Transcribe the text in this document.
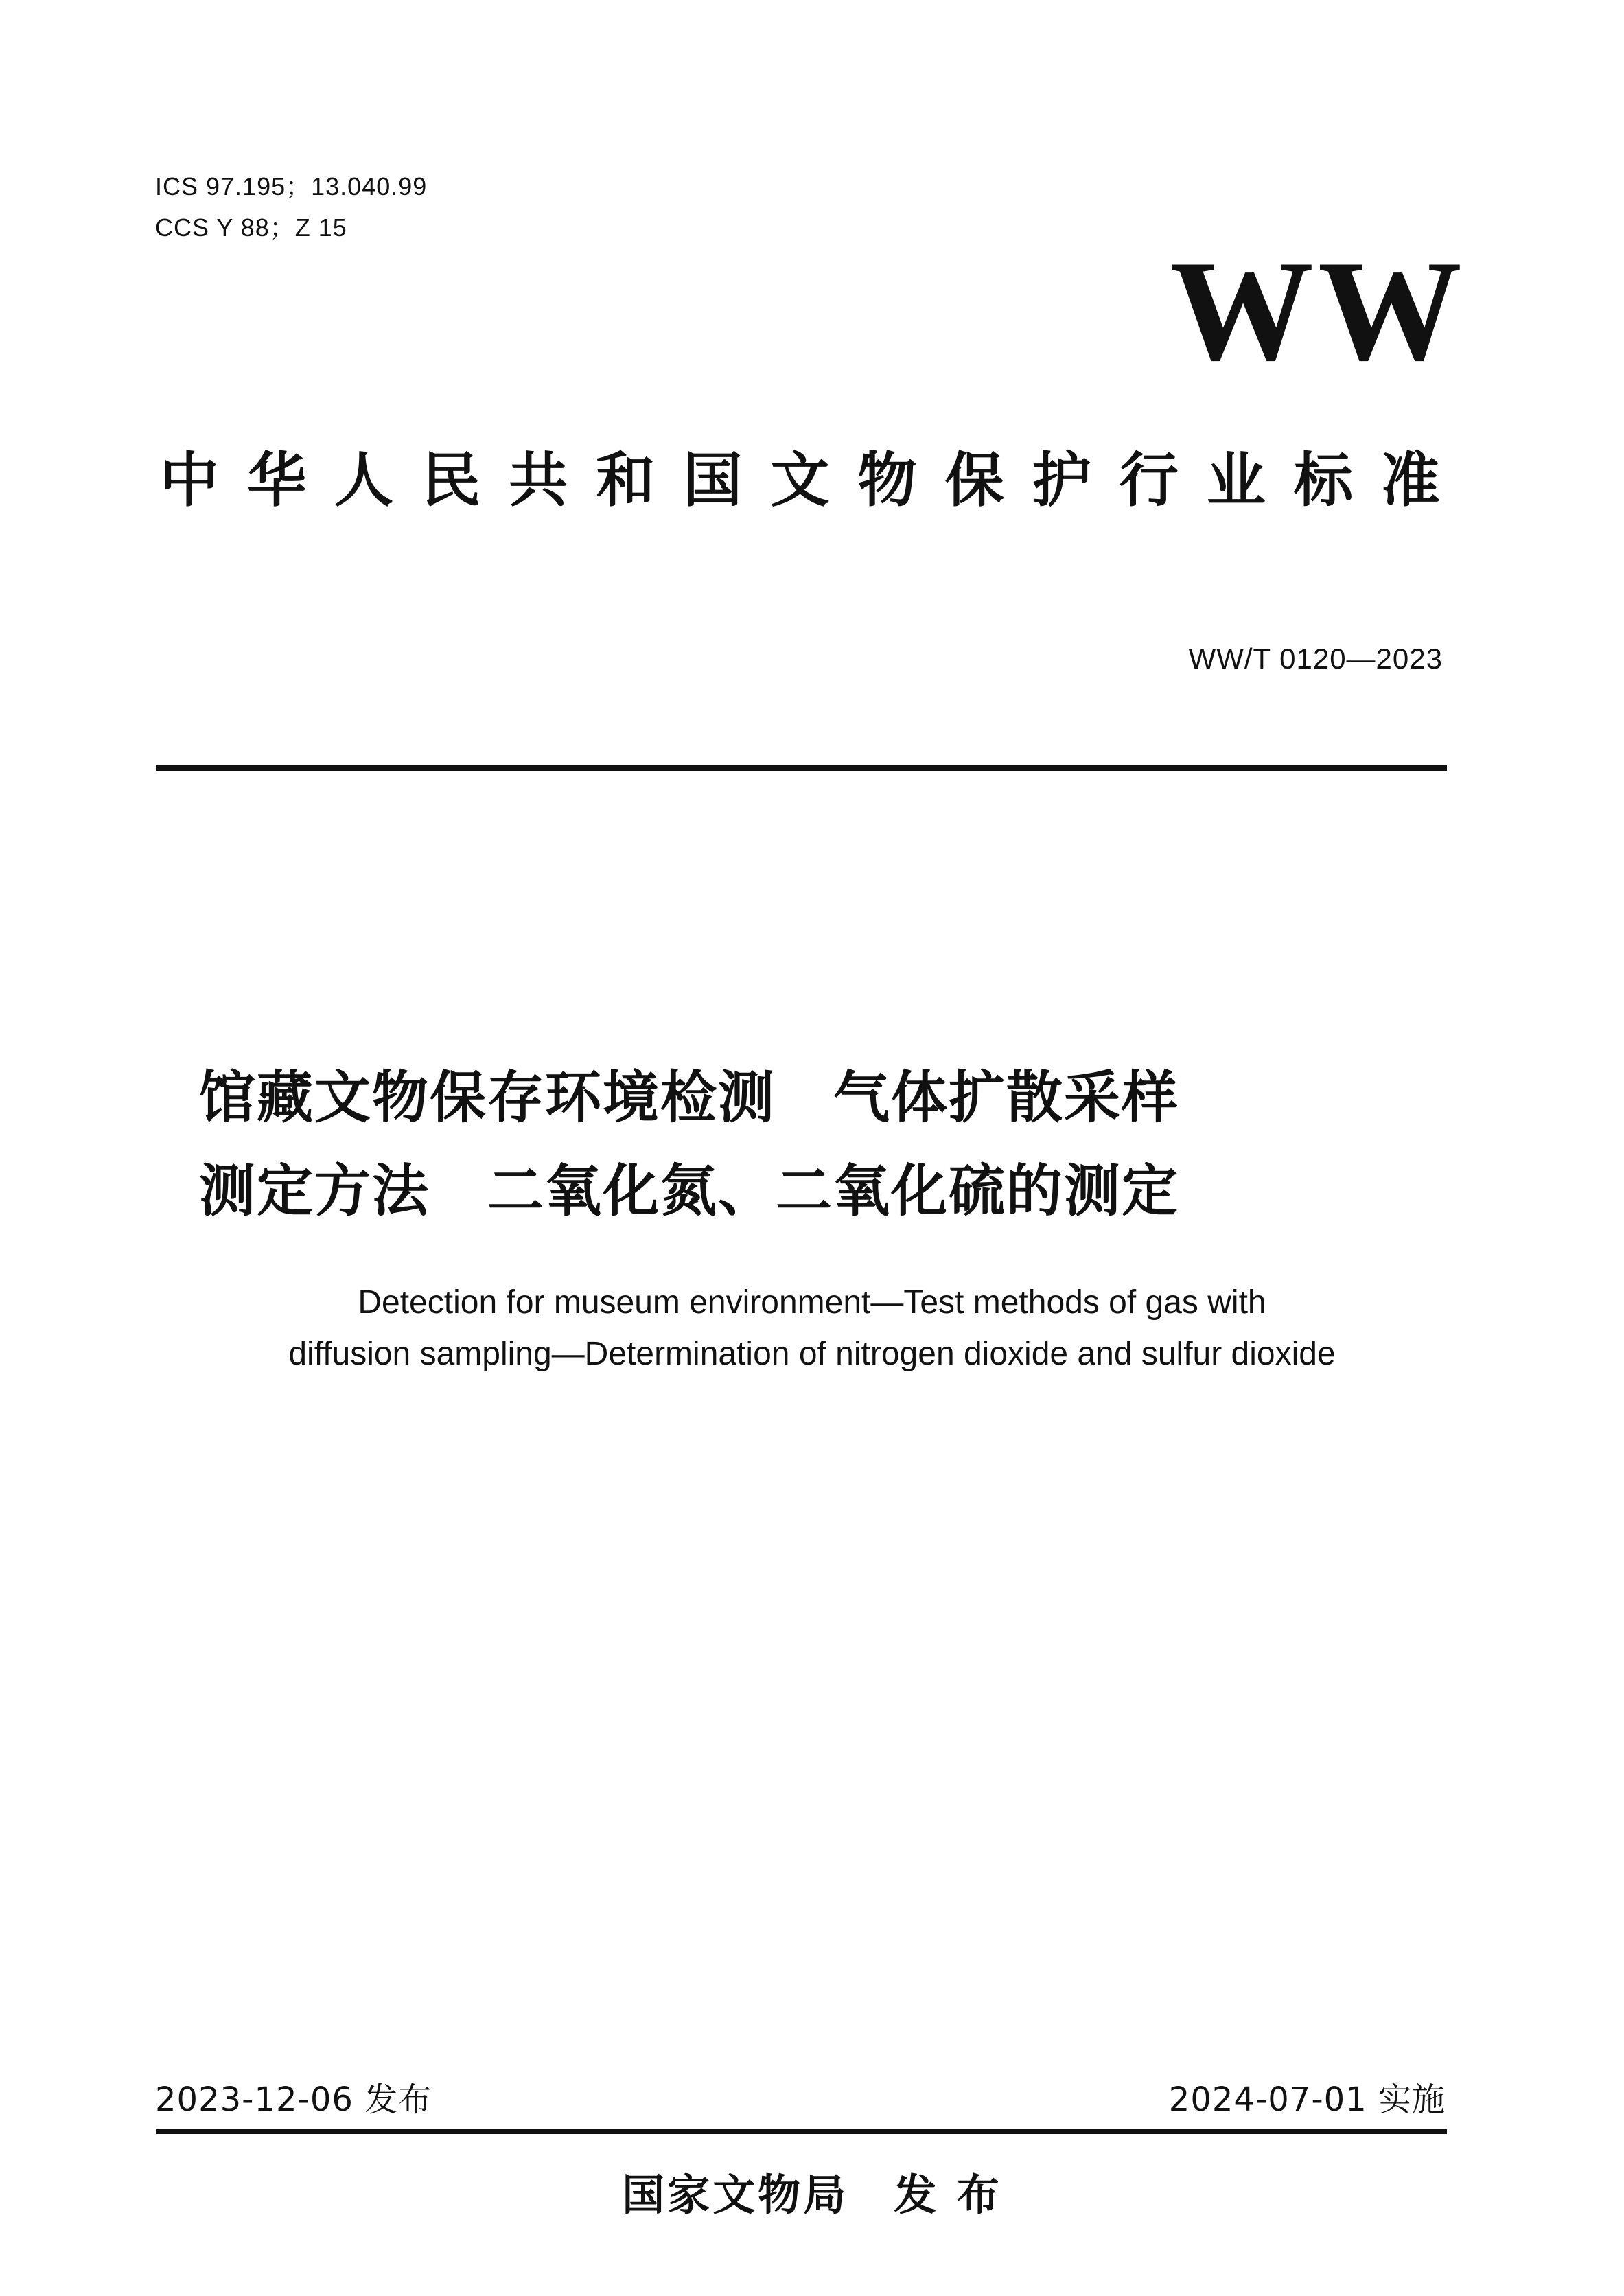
ICS 97.195；13.040.99

CCS Y 88；Z 15

WW
中 华 人 民 共 和 国 文 物 保 护 行 业 标 准

WW/T 0120—2023

馆藏文物保存环境检测　气体扩散采样
测定方法　二氧化氮、二氧化硫的测定

Detection for museum environment—Test methods of gas with

diffusion sampling—Determination of nitrogen dioxide and sulfur dioxide

2023-12-06 发布	2024-07-01 实施

国家文物局　发 布
